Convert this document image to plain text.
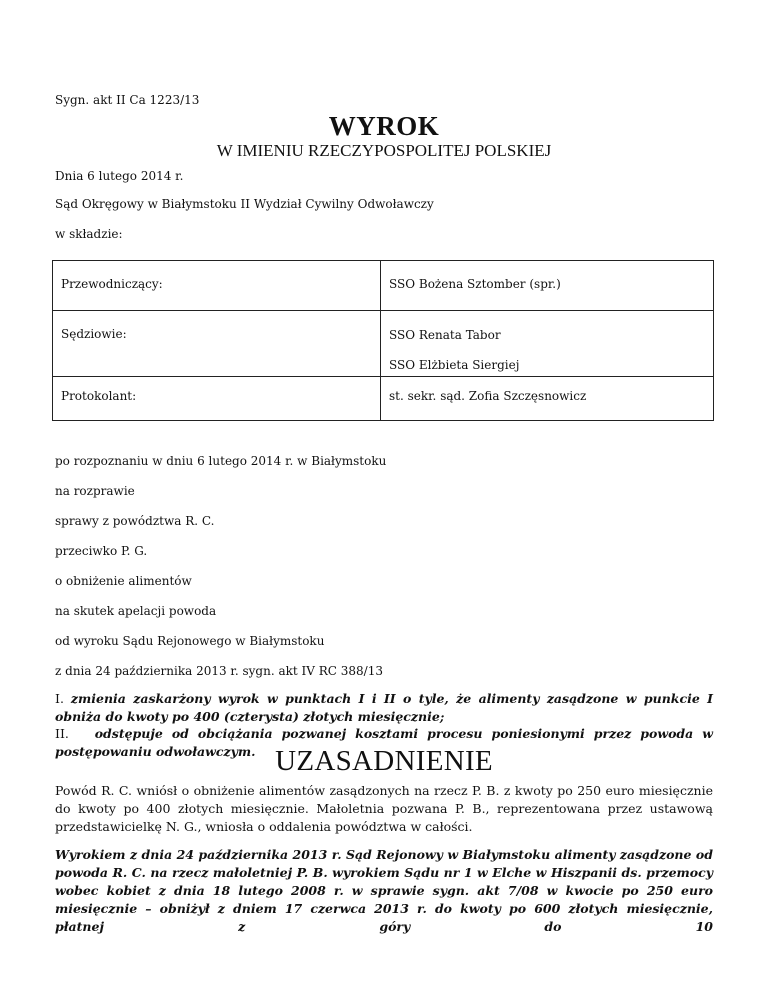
Sygn. akt II Ca 1223/13

WYROK
W IMIENIU RZECZYPOSPOLITEJ POLSKIEJ

Dnia 6 lutego 2014 r.

Sąd Okręgowy w Białymstoku II Wydział Cywilny Odwoławczy

w składzie:

Przewodniczący:	SSO Bożena Sztomber (spr.)
Sędziowie:	SSO Renata Tabor
SSO Elżbieta Siergiej

Protokolant:	st. sekr. sąd. Zofia Szczęsnowicz

po rozpoznaniu w dniu 6 lutego 2014 r. w Białymstoku

na rozprawie

sprawy z powództwa R. C.

przeciwko P. G.

o obniżenie alimentów

na skutek apelacji powoda

od wyroku Sądu Rejonowego w Białymstoku

z dnia 24 października 2013 r. sygn. akt IV RC 388/13

I. zmienia zaskarżony wyrok w punktach I i II o tyle, że alimenty zasądzone w punkcie I obniża do kwoty po 400 (czterysta) złotych miesięcznie;

II. odstępuje od obciążania pozwanej kosztami procesu poniesionymi przez powoda w postępowaniu odwoławczym. UZASADNIENIE

Powód R. C. wniósł o obniżenie alimentów zasądzonych na rzecz P. B. z kwoty po 250 euro miesięcznie do kwoty po 400 złotych miesięcznie. Małoletnia pozwana P. B., reprezentowana przez ustawową przedstawicielkę N. G., wniosła o oddalenia powództwa w całości.

Wyrokiem z dnia 24 października 2013 r. Sąd Rejonowy w Białymstoku alimenty zasądzone od powoda R. C. na rzecz małoletniej P. B. wyrokiem Sądu nr 1 w Elche w Hiszpanii ds. przemocy wobec kobiet z dnia 18 lutego 2008 r. w sprawie sygn. akt 7/08 w kwocie po 250 euro miesięcznie – obniżył z dniem 17 czerwca 2013 r. do kwoty po 600 złotych miesięcznie, płatnej z góry do 10
